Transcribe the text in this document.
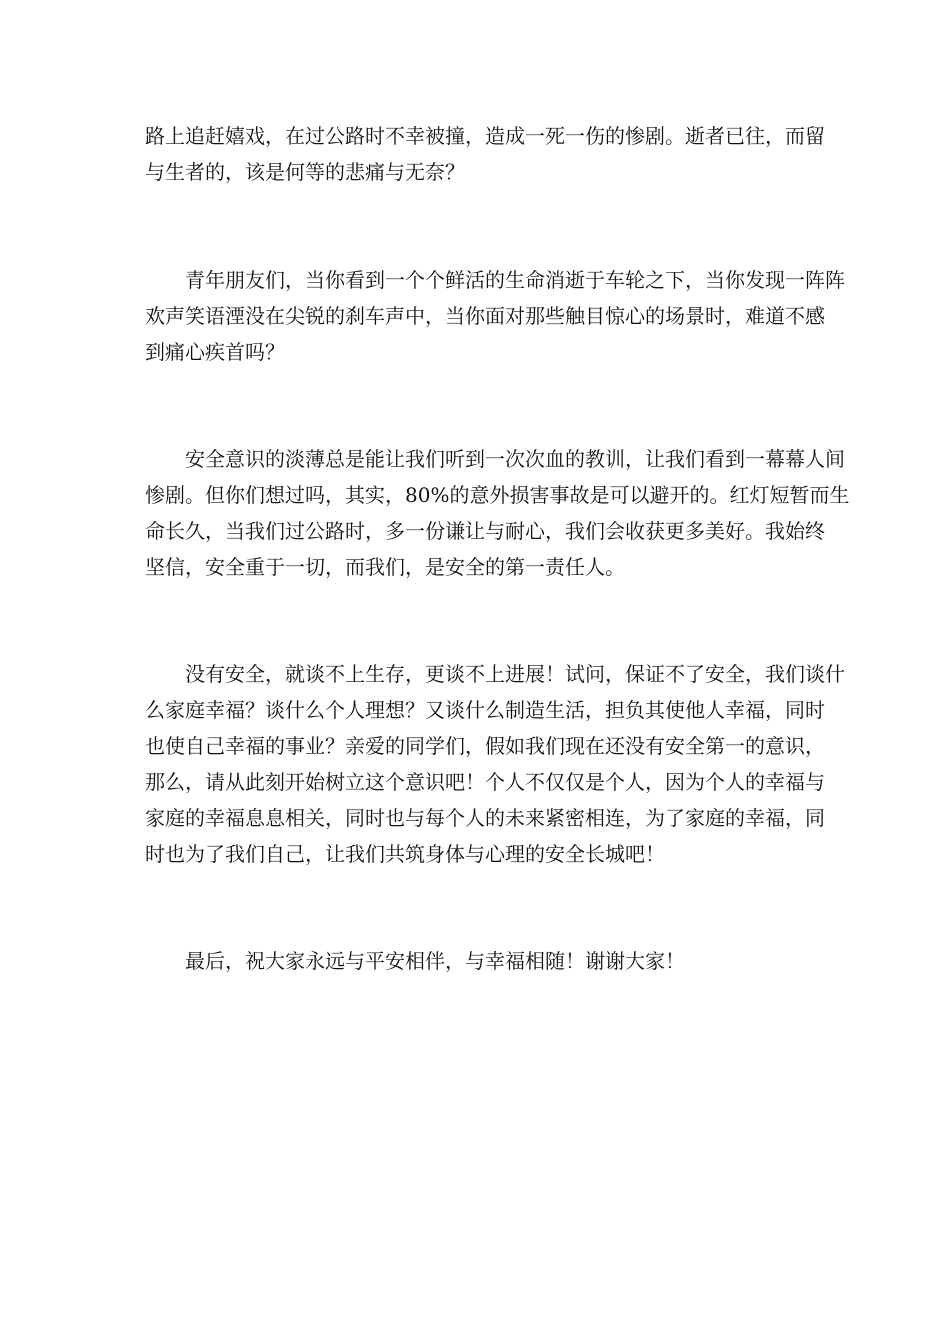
路上追赶嬉戏，在过公路时不幸被撞，造成一死一伤的惨剧。逝者已往，而留
与生者的，该是何等的悲痛与无奈？

青年朋友们，当你看到一个个鲜活的生命消逝于车轮之下，当你发现一阵阵
欢声笑语湮没在尖锐的刹车声中，当你面对那些触目惊心的场景时，难道不感
到痛心疾首吗？

安全意识的淡薄总是能让我们听到一次次血的教训，让我们看到一幕幕人间
惨剧。但你们想过吗，其实，80%的意外损害事故是可以避开的。红灯短暂而生
命长久，当我们过公路时，多一份谦让与耐心，我们会收获更多美好。我始终
坚信，安全重于一切，而我们，是安全的第一责任人。

没有安全，就谈不上生存，更谈不上进展！试问，保证不了安全，我们谈什
么家庭幸福？谈什么个人理想？又谈什么制造生活，担负其使他人幸福，同时
也使自己幸福的事业？亲爱的同学们，假如我们现在还没有安全第一的意识，
那么，请从此刻开始树立这个意识吧！个人不仅仅是个人，因为个人的幸福与
家庭的幸福息息相关，同时也与每个人的未来紧密相连，为了家庭的幸福，同
时也为了我们自己，让我们共筑身体与心理的安全长城吧！

最后，祝大家永远与平安相伴，与幸福相随！谢谢大家！
